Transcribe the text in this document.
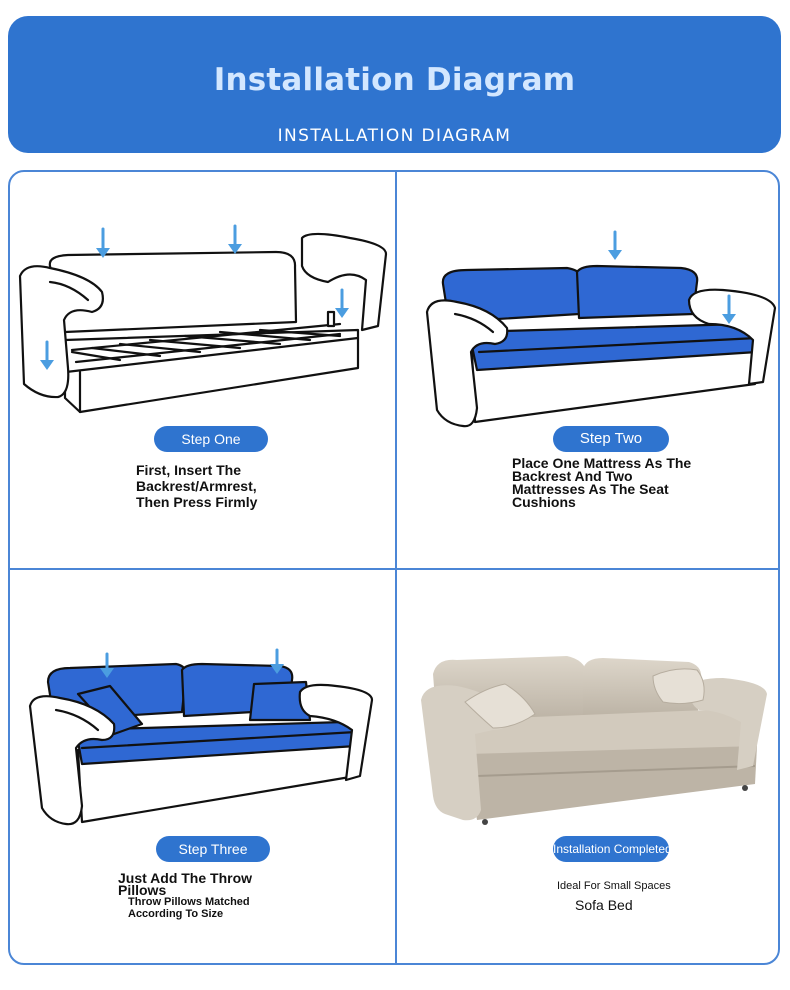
Installation Diagram
INSTALLATION DIAGRAM
Step One
First, Insert The
Backrest/Armrest,
Then Press Firmly
Step Two
Place One Mattress As The
Backrest And Two
Mattresses As The Seat
Cushions
Step Three
Just Add The Throw
Pillows
Throw Pillows Matched
According To Size
Installation Completed
Ideal For Small Spaces
Sofa Bed
